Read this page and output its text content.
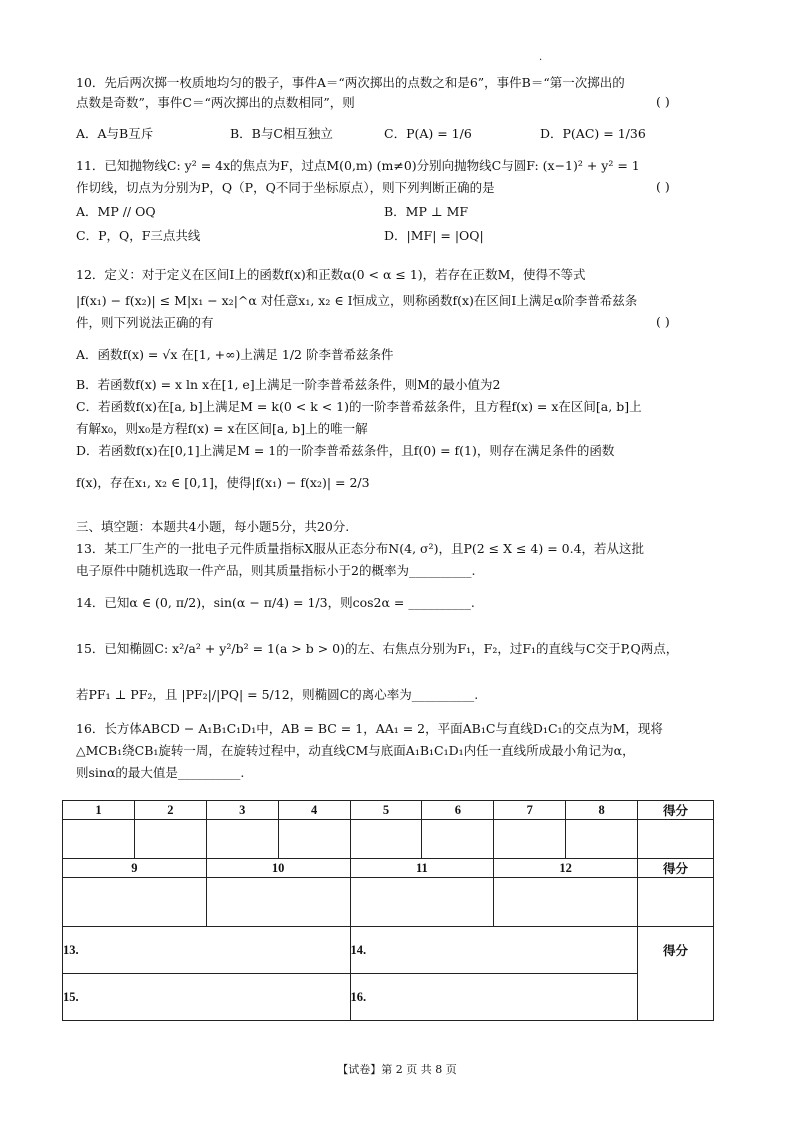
.
10．先后两次掷一枚质地均匀的骰子，事件A＝“两次掷出的点数之和是6”，事件B＝“第一次掷出的
点数是奇数”，事件C＝“两次掷出的点数相同”，则	( )
A．A与B互斥	B．B与C相互独立	C．P(A) = 1/6	D．P(AC) = 1/36
11．已知抛物线C: y² = 4x的焦点为F，过点M(0,m) (m≠0)分别向抛物线C与圆F: (x−1)² + y² = 1
作切线，切点为分别为P，Q（P，Q不同于坐标原点），则下列判断正确的是	( )
A．MP // OQ	B．MP ⊥ MF
C．P，Q，F三点共线	D．|MF| = |OQ|
12．定义：对于定义在区间I上的函数f(x)和正数α(0 < α ≤ 1)，若存在正数M，使得不等式
|f(x₁) − f(x₂)| ≤ M|x₁ − x₂|^α 对任意x₁, x₂ ∈ I恒成立，则称函数f(x)在区间I上满足α阶李普希兹条
件，则下列说法正确的有	( )
A．函数f(x) = √x 在[1, +∞)上满足 1/2 阶李普希兹条件
B．若函数f(x) = x ln x在[1, e]上满足一阶李普希兹条件，则M的最小值为2
C．若函数f(x)在[a, b]上满足M = k(0 < k < 1)的一阶李普希兹条件，且方程f(x) = x在区间[a, b]上
有解x₀，则x₀是方程f(x) = x在区间[a, b]上的唯一解
D．若函数f(x)在[0,1]上满足M = 1的一阶李普希兹条件，且f(0) = f(1)，则存在满足条件的函数
f(x)，存在x₁, x₂ ∈ [0,1]，使得|f(x₁) − f(x₂)| = 2/3
三、填空题：本题共4小题，每小题5分，共20分.
13．某工厂生产的一批电子元件质量指标X服从正态分布N(4, σ²)，且P(2 ≤ X ≤ 4) = 0.4，若从这批
电子原件中随机选取一件产品，则其质量指标小于2的概率为__________.
14．已知α ∈ (0, π/2)，sin(α − π/4) = 1/3，则cos2α = __________.
15．已知椭圆C: x²/a² + y²/b² = 1(a > b > 0)的左、右焦点分别为F₁，F₂，过F₁的直线与C交于P,Q两点，
若PF₁ ⊥ PF₂，且 |PF₂|/|PQ| = 5/12，则椭圆C的离心率为__________.
16．长方体ABCD − A₁B₁C₁D₁中，AB = BC = 1，AA₁ = 2，平面AB₁C与直线D₁C₁的交点为M，现将
△MCB₁绕CB₁旋转一周，在旋转过程中，动直线CM与底面A₁B₁C₁D₁内任一直线所成最小角记为α，
则sinα的最大值是__________.
1	2	3	4	5	6	7	8	得分

9		10		11		12		得分

13.				14.				得分
15.				16.				
【试卷】第 2 页 共 8 页
